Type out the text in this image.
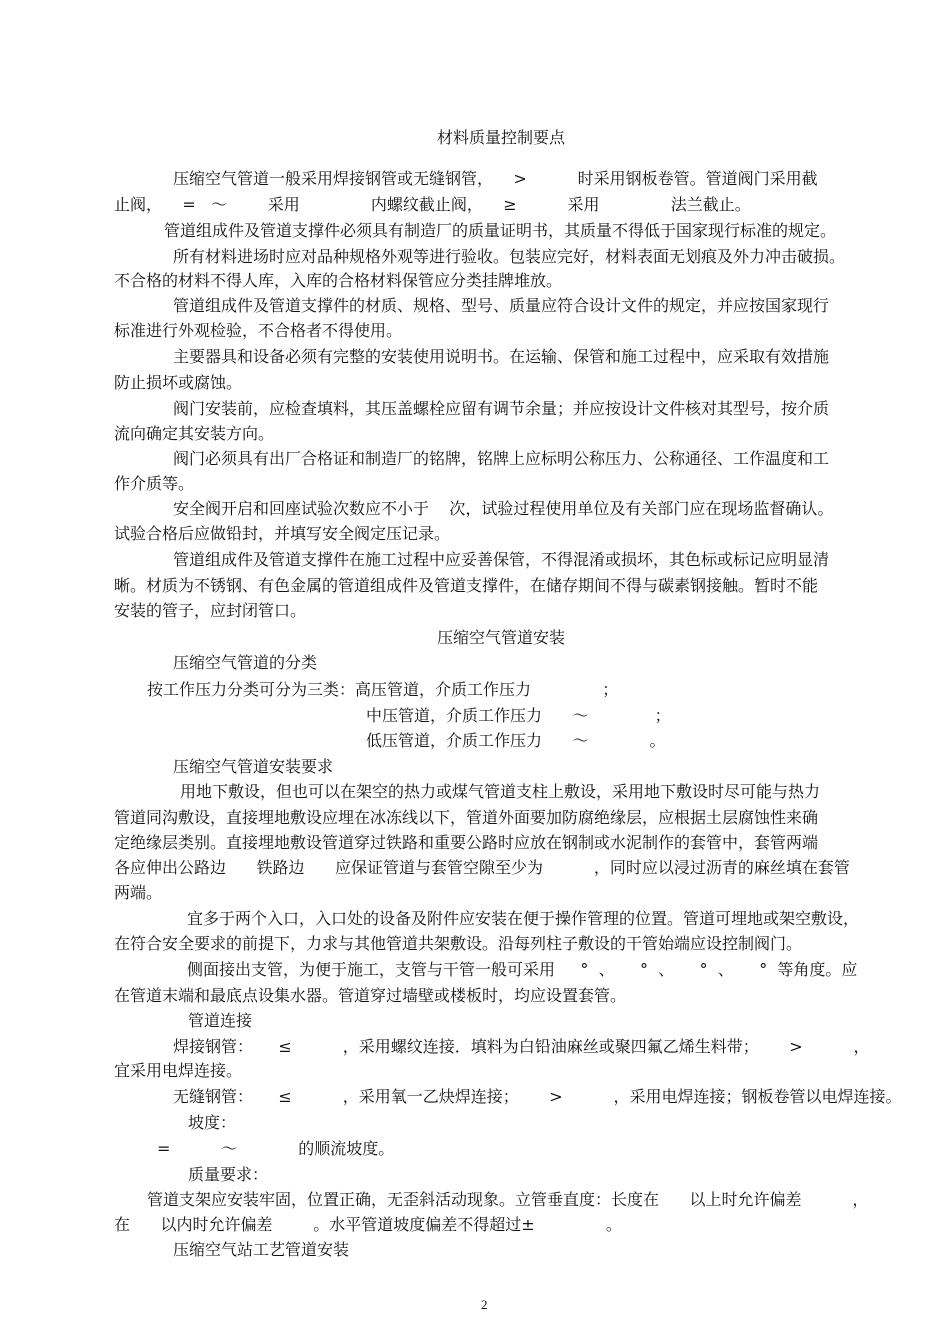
材料质量控制要点
压缩空气管道一般采用焊接钢管或无缝钢管，    >          时采用钢板卷管。管道阀门采用截
止阀，    =   ～        采用              内螺纹截止阀，    ≥          采用              法兰截止。
管道组成件及管道支撑件必须具有制造厂的质量证明书，其质量不得低于国家现行标准的规定。
所有材料进场时应对品种规格外观等进行验收。包装应完好，材料表面无划痕及外力冲击破损。
不合格的材料不得人库，入库的合格材料保管应分类挂牌堆放。
管道组成件及管道支撑件的材质、规格、型号、质量应符合设计文件的规定，并应按国家现行
标准进行外观检验，不合格者不得使用。
主要器具和设备必须有完整的安装使用说明书。在运输、保管和施工过程中，应采取有效措施
防止损坏或腐蚀。
阀门安装前，应检查填料，其压盖螺栓应留有调节余量；并应按设计文件核对其型号，按介质
流向确定其安装方向。
阀门必须具有出厂合格证和制造厂的铭牌，铭牌上应标明公称压力、公称通径、工作温度和工
作介质等。
安全阀开启和回座试验次数应不小于    次，试验过程使用单位及有关部门应在现场监督确认。
试验合格后应做铅封，并填写安全阀定压记录。
管道组成件及管道支撑件在施工过程中应妥善保管，不得混淆或损坏，其色标或标记应明显清
晰。材质为不锈钢、有色金属的管道组成件及管道支撑件，在储存期间不得与碳素钢接触。暂时不能
安装的管子，应封闭管口。
压缩空气管道安装
压缩空气管道的分类
按工作压力分类可分为三类：高压管道，介质工作压力              ；
中压管道，介质工作压力      ～             ；
低压管道，介质工作压力      ～            。
压缩空气管道安装要求
用地下敷设，但也可以在架空的热力或煤气管道支柱上敷设，采用地下敷设时尽可能与热力
管道同沟敷设，直接埋地敷设应埋在冰冻线以下，管道外面要加防腐绝缘层，应根据土层腐蚀性来确
定绝缘层类别。直接埋地敷设管道穿过铁路和重要公路时应放在钢制或水泥制作的套管中，套管两端
各应伸出公路边      铁路边      应保证管道与套管空隙至少为          ，同时应以浸过沥青的麻丝填在套管
两端。
宜多于两个入口，入口处的设备及附件应安装在便于操作管理的位置。管道可埋地或架空敷设，
在符合安全要求的前提下，力求与其他管道共架敷设。沿每列柱子敷设的干管始端应设控制阀门。
侧面接出支管，为便于施工，支管与干管一般可采用     °  、     °  、     °  、     °  等角度。应
在管道末端和最底点设集水器。管道穿过墙壁或楼板时，均应设置套管。
管道连接
焊接钢管：     ≤          ，采用螺纹连接．填料为白铅油麻丝或聚四氟乙烯生料带；      >          ，
宜采用电焊连接。
无缝钢管：     ≤          ，采用氧一乙炔焊连接；      >          ，采用电焊连接；钢板卷管以电焊连接。
坡度：
=          ～            的顺流坡度。
质量要求：
管道支架应安装牢固，位置正确，无歪斜活动现象。立管垂直度：长度在      以上时允许偏差          ，
在      以内时允许偏差        。水平管道坡度偏差不得超过±              。
压缩空气站工艺管道安装
2
